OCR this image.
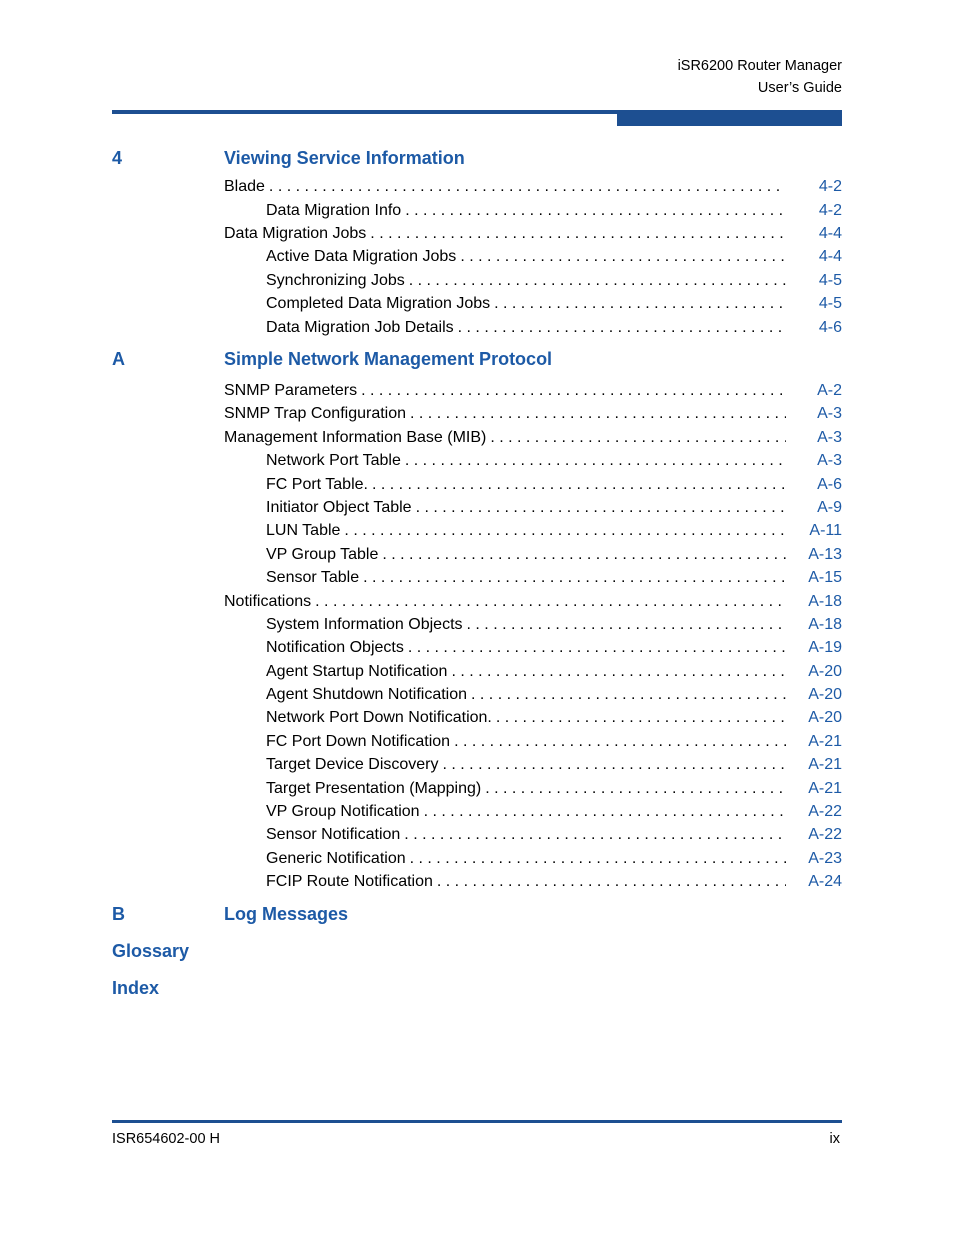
iSR6200 Router Manager
User’s Guide
4	Viewing Service Information
Blade . . .	4-2
Data Migration Info . . .	4-2
Data Migration Jobs . . .	4-4
Active Data Migration Jobs . . .	4-4
Synchronizing Jobs . . .	4-5
Completed Data Migration Jobs . . .	4-5
Data Migration Job Details . . .	4-6
A	Simple Network Management Protocol
SNMP Parameters . . .	A-2
SNMP Trap Configuration . . .	A-3
Management Information Base (MIB) . . .	A-3
Network Port Table . . .	A-3
FC Port Table. . . .	A-6
Initiator Object Table . . .	A-9
LUN Table . . .	A-11
VP Group Table . . .	A-13
Sensor Table . . .	A-15
Notifications . . .	A-18
System Information Objects . . .	A-18
Notification Objects . . .	A-19
Agent Startup Notification . . .	A-20
Agent Shutdown Notification . . .	A-20
Network Port Down Notification. . . .	A-20
FC Port Down Notification . . .	A-21
Target Device Discovery . . .	A-21
Target Presentation (Mapping) . . .	A-21
VP Group Notification . . .	A-22
Sensor Notification . . .	A-22
Generic Notification . . .	A-23
FCIP Route Notification . . .	A-24
B	Log Messages
Glossary
Index
ISR654602-00 H	ix
